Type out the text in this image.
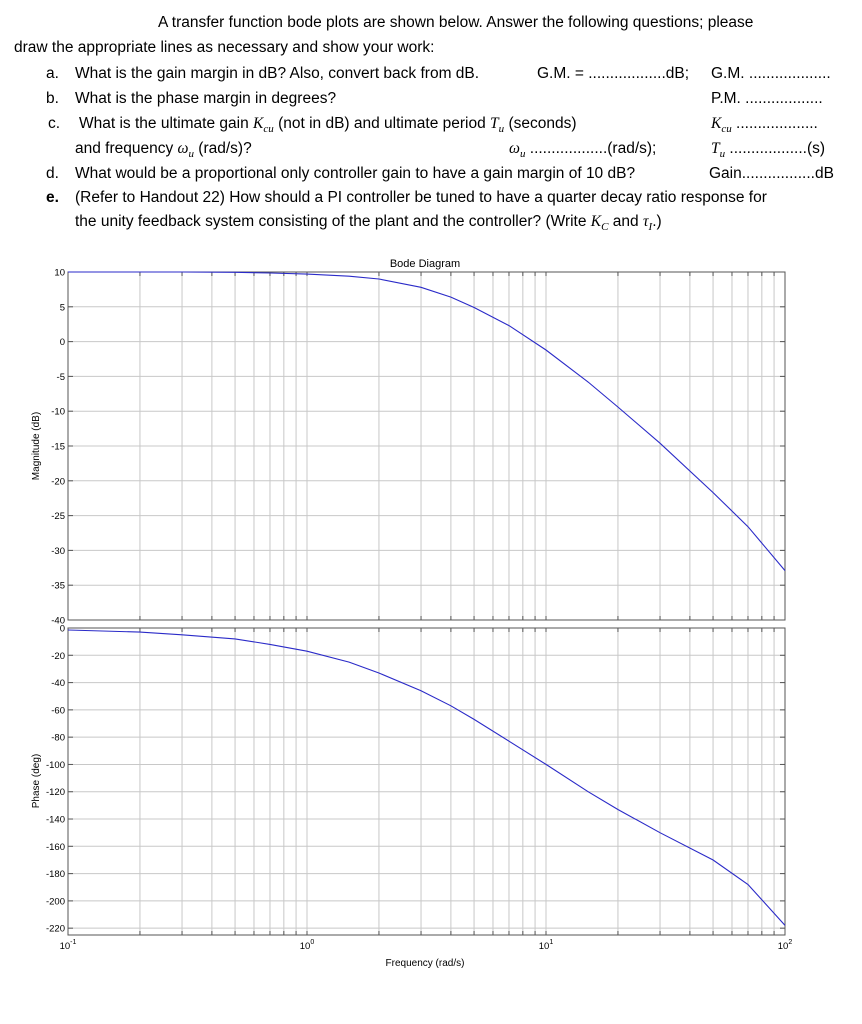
A transfer function bode plots are shown below. Answer the following questions; please
draw the appropriate lines as necessary and show your work:
a. What is the gain margin in dB? Also, convert back from dB.	G.M. = ..................dB; G.M. ...................
b. What is the phase margin in degrees?	P.M. ..................
c. What is the ultimate gain $K_{cu}$ (not in dB) and ultimate period $T_u$ (seconds)	$K_{cu}$ ...................
and frequency $\omega_u$ (rad/s)?	$\omega_u$ ..................(rad/s);	$T_u$ ..................(s)
d. What would be a proportional only controller gain to have a gain margin of 10 dB?	Gain.................dB
e. (Refer to Handout 22) How should a PI controller be tuned to have a quarter decay ratio response for
the unity feedback system consisting of the plant and the controller? (Write $K_C$ and $\tau_I$.)
10
5
0
-5
-10
-15
-20
-25
-30
-35
-40
0
-20
-40
-60
-80
-100
-120
-140
-160
-180
-200
-220
$10^{-1}$	$10^0$	$10^1$	$10^2$
Bode Diagram
Magnitude (dB)
Phase (deg)
Frequency (rad/s)
